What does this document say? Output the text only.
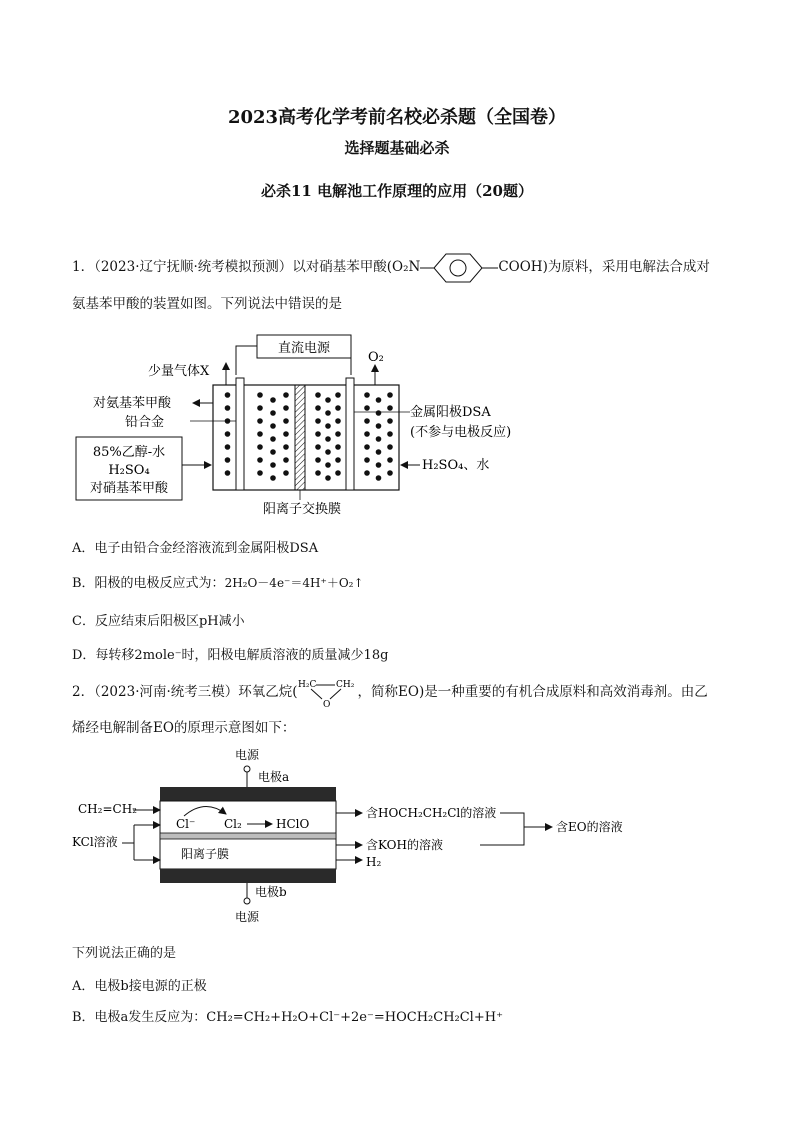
2023高考化学考前名校必杀题（全国卷）
选择题基础必杀
必杀11 电解池工作原理的应用（20题）
1．（2023·辽宁抚顺·统考模拟预测）以对硝基苯甲酸(O₂N	COOH)为原料，采用电解法合成对
氨基苯甲酸的装置如图。下列说法中错误的是
直流电源
少量气体X
O₂
对氨基苯甲酸
铅合金
85%乙醇-水
H₂SO₄
对硝基苯甲酸
金属阳极DSA
(不参与电极反应)
H₂SO₄、水
阳离子交换膜
A．电子由铅合金经溶液流到金属阳极DSA
B．阳极的电极反应式为：2H₂O－4e⁻＝4H⁺＋O₂↑
C．反应结束后阳极区pH减小
D．每转移2mole⁻时，阳极电解质溶液的质量减少18g
2．（2023·河南·统考三模）环氧乙烷( H₂C CH₂
O
，简称EO)是一种重要的有机合成原料和高效消毒剂。由乙
烯经电解制备EO的原理示意图如下：
电源
电极a
电极b
电源
CH₂=CH₂
KCl溶液
Cl⁻ Cl₂	HClO
阳离子膜
含HOCH₂CH₂Cl的溶液
含KOH的溶液
H₂
含EO的溶液
下列说法正确的是
A．电极b接电源的正极
B．电极a发生反应为：CH₂=CH₂+H₂O+Cl⁻+2e⁻=HOCH₂CH₂Cl+H⁺
